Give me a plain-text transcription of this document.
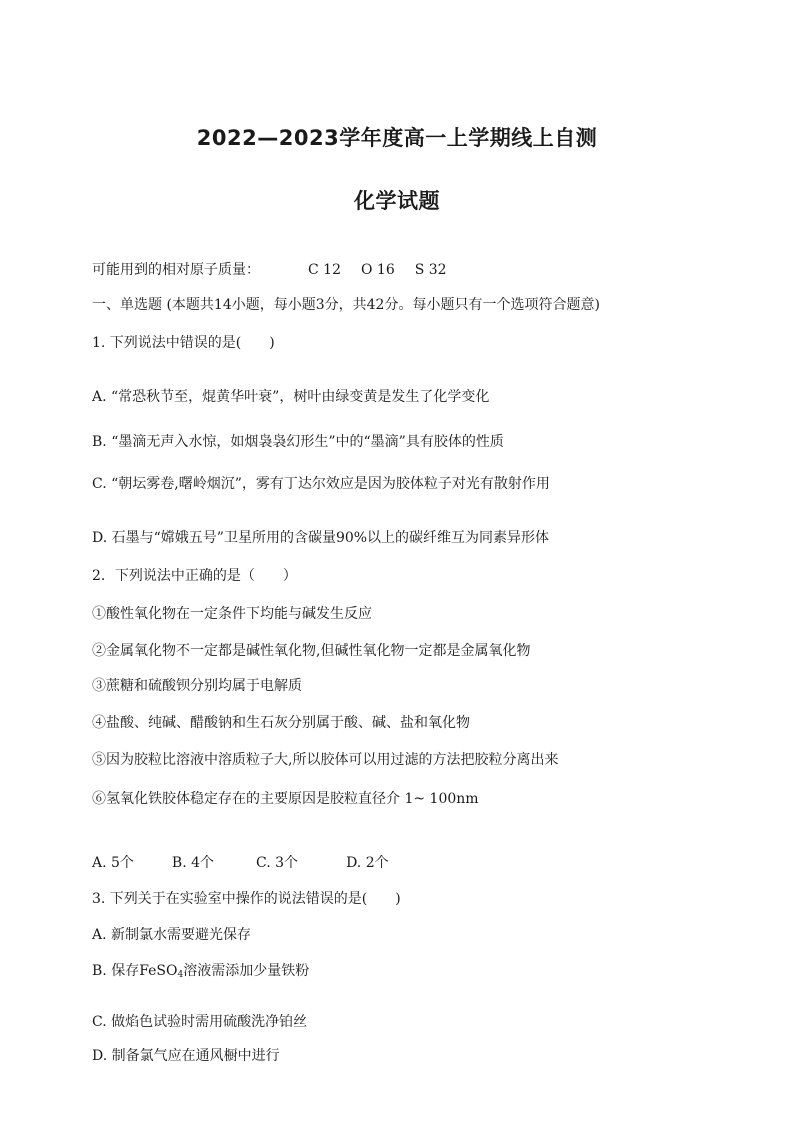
2022—2023学年度高一上学期线上自测
化学试题
可能用到的相对原子质量：	C 12 O 16 S 32
一、单选题 (本题共14小题，每小题3分，共42分。每小题只有一个选项符合题意)
1. 下列说法中错误的是(　　)
A. “常恐秋节至，焜黄华叶衰”，树叶由绿变黄是发生了化学变化
B. “墨滴无声入水惊，如烟袅袅幻形生”中的“墨滴”具有胶体的性质
C. “朝坛雾卷,曙岭烟沉”，雾有丁达尔效应是因为胶体粒子对光有散射作用
D. 石墨与“嫦娥五号”卫星所用的含碳量90%以上的碳纤维互为同素异形体
2．下列说法中正确的是（　　）
①酸性氧化物在一定条件下均能与碱发生反应
②金属氧化物不一定都是碱性氧化物,但碱性氧化物一定都是金属氧化物
③蔗糖和硫酸钡分别均属于电解质
④盐酸、纯碱、醋酸钠和生石灰分别属于酸、碱、盐和氧化物
⑤因为胶粒比溶液中溶质粒子大,所以胶体可以用过滤的方法把胶粒分离出来
⑥氢氧化铁胶体稳定存在的主要原因是胶粒直径介 1~ 100nm
A. 5个	B. 4个	C. 3个	D. 2个
3. 下列关于在实验室中操作的说法错误的是(　　)
A. 新制氯水需要避光保存
B. 保存FeSO$_4$溶液需添加少量铁粉
C. 做焰色试验时需用硫酸洗净铂丝
D. 制备氯气应在通风橱中进行
